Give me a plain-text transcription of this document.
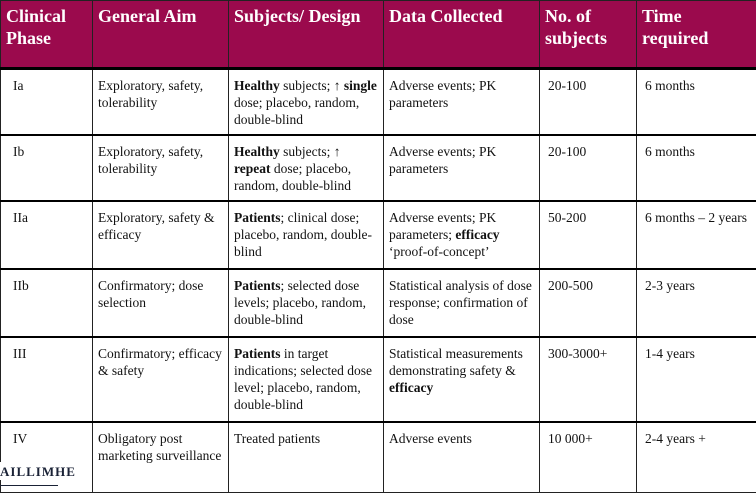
Clinical Phase	General Aim	Subjects/ Design	Data Collected	No. of subjects	Time required
Ia	Exploratory, safety, tolerability	Healthy subjects; ↑ single dose; placebo, random, double-blind	Adverse events; PK parameters	20-100	6 months
Ib	Exploratory, safety, tolerability	Healthy subjects; ↑ repeat dose; placebo, random, double-blind	Adverse events; PK parameters	20-100	6 months
IIa	Exploratory, safety & efficacy	Patients; clinical dose; placebo, random, double-blind	Adverse events; PK parameters; efficacy ‘proof-of-concept’	50-200	6 months – 2 years
IIb	Confirmatory; dose selection	Patients; selected dose levels; placebo, random, double-blind	Statistical analysis of dose response; confirmation of dose	200-500	2-3 years
III	Confirmatory; efficacy & safety	Patients in target indications; selected dose level; placebo, random, double-blind	Statistical measurements demonstrating safety & efficacy	300-3000+	1-4 years
IV	Obligatory post marketing surveillance	Treated patients	Adverse events	10 000+	2-4 years +
AILLIMHE
